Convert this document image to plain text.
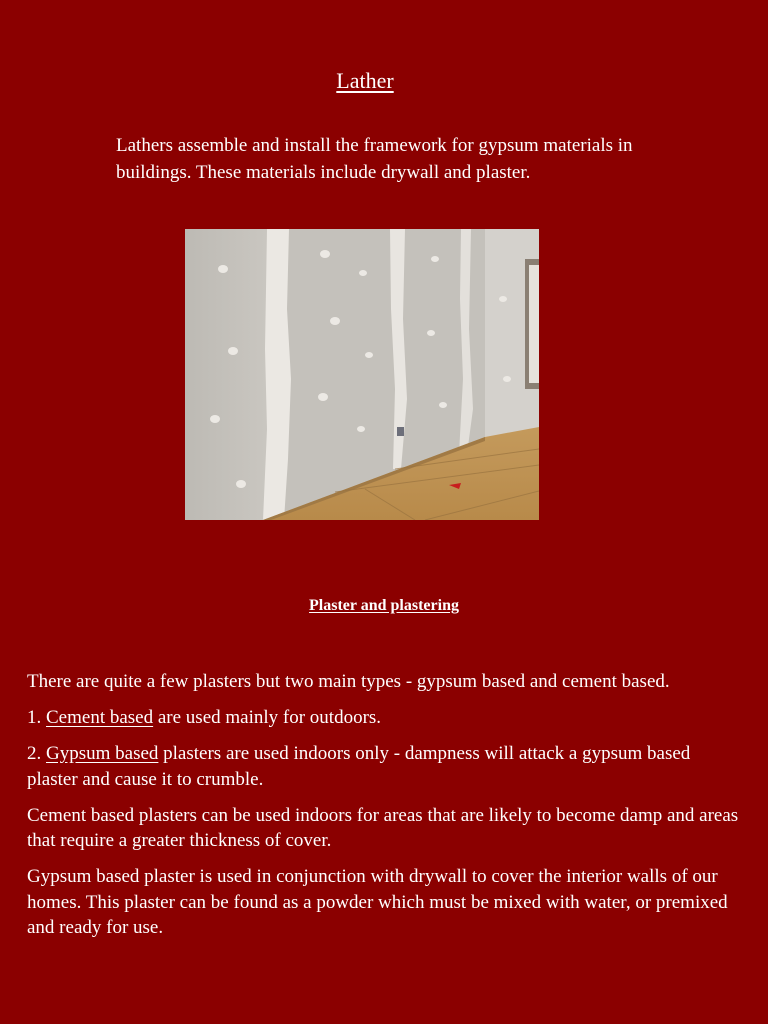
Lather

Lathers assemble and install the framework for gypsum materials in buildings. These materials include drywall and plaster.

Plaster and plastering

There are quite a few plasters but two main types - gypsum based and cement based.

1. Cement based are used mainly for outdoors.

2. Gypsum based plasters are used indoors only - dampness will attack a gypsum based plaster and cause it to crumble.

Cement based plasters can be used indoors for areas that are likely to become damp and areas that require a greater thickness of cover.

Gypsum based plaster is used in conjunction with drywall to cover the interior walls of our homes. This plaster can be found as a powder which must be mixed with water, or premixed and ready for use.
